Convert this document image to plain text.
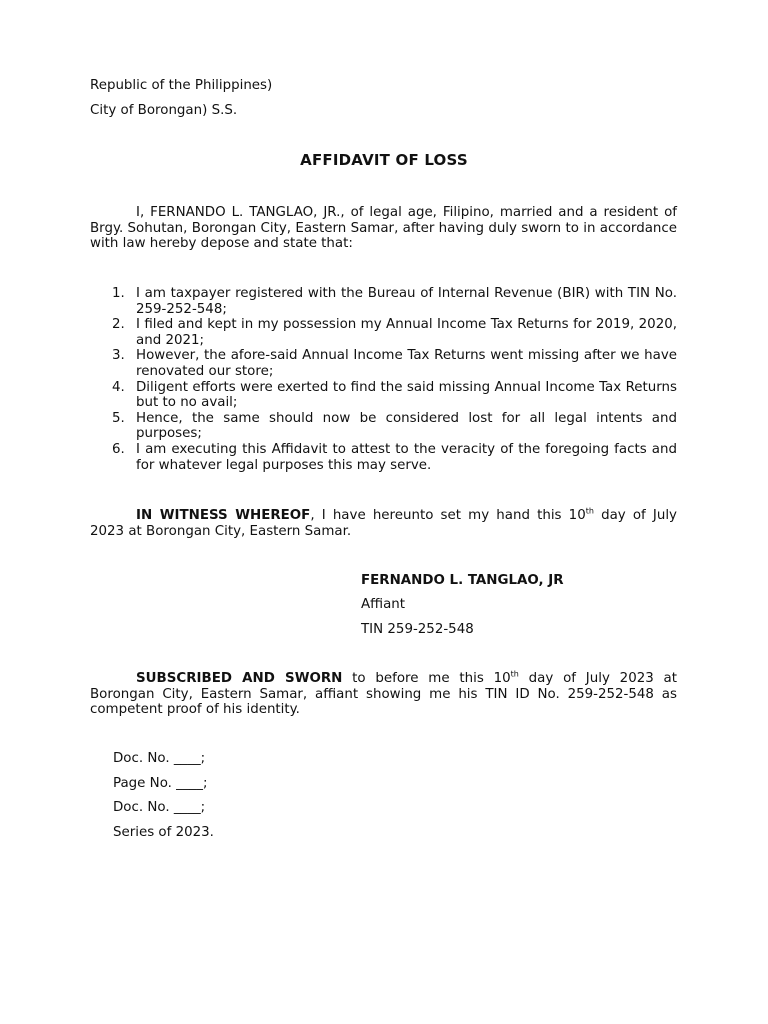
Republic of the Philippines)
City of Borongan) S.S.
AFFIDAVIT OF LOSS
I, FERNANDO L. TANGLAO, JR., of legal age, Filipino, married and a resident of Brgy. Sohutan, Borongan City, Eastern Samar, after having duly sworn to in accordance with law hereby depose and state that:
1. I am taxpayer registered with the Bureau of Internal Revenue (BIR) with TIN No. 259-252-548;
2. I filed and kept in my possession my Annual Income Tax Returns for 2019, 2020, and 2021;
3. However, the afore-said Annual Income Tax Returns went missing after we have renovated our store;
4. Diligent efforts were exerted to find the said missing Annual Income Tax Returns but to no avail;
5. Hence, the same should now be considered lost for all legal intents and purposes;
6. I am executing this Affidavit to attest to the veracity of the foregoing facts and for whatever legal purposes this may serve.
IN WITNESS WHEREOF, I have hereunto set my hand this 10th day of July 2023 at Borongan City, Eastern Samar.
FERNANDO L. TANGLAO, JR
Affiant
TIN 259-252-548
SUBSCRIBED AND SWORN to before me this 10th day of July 2023 at Borongan City, Eastern Samar, affiant showing me his TIN ID No. 259-252-548 as competent proof of his identity.
Doc. No. ____;
Page No. ____;
Doc. No. ____;
Series of 2023.
